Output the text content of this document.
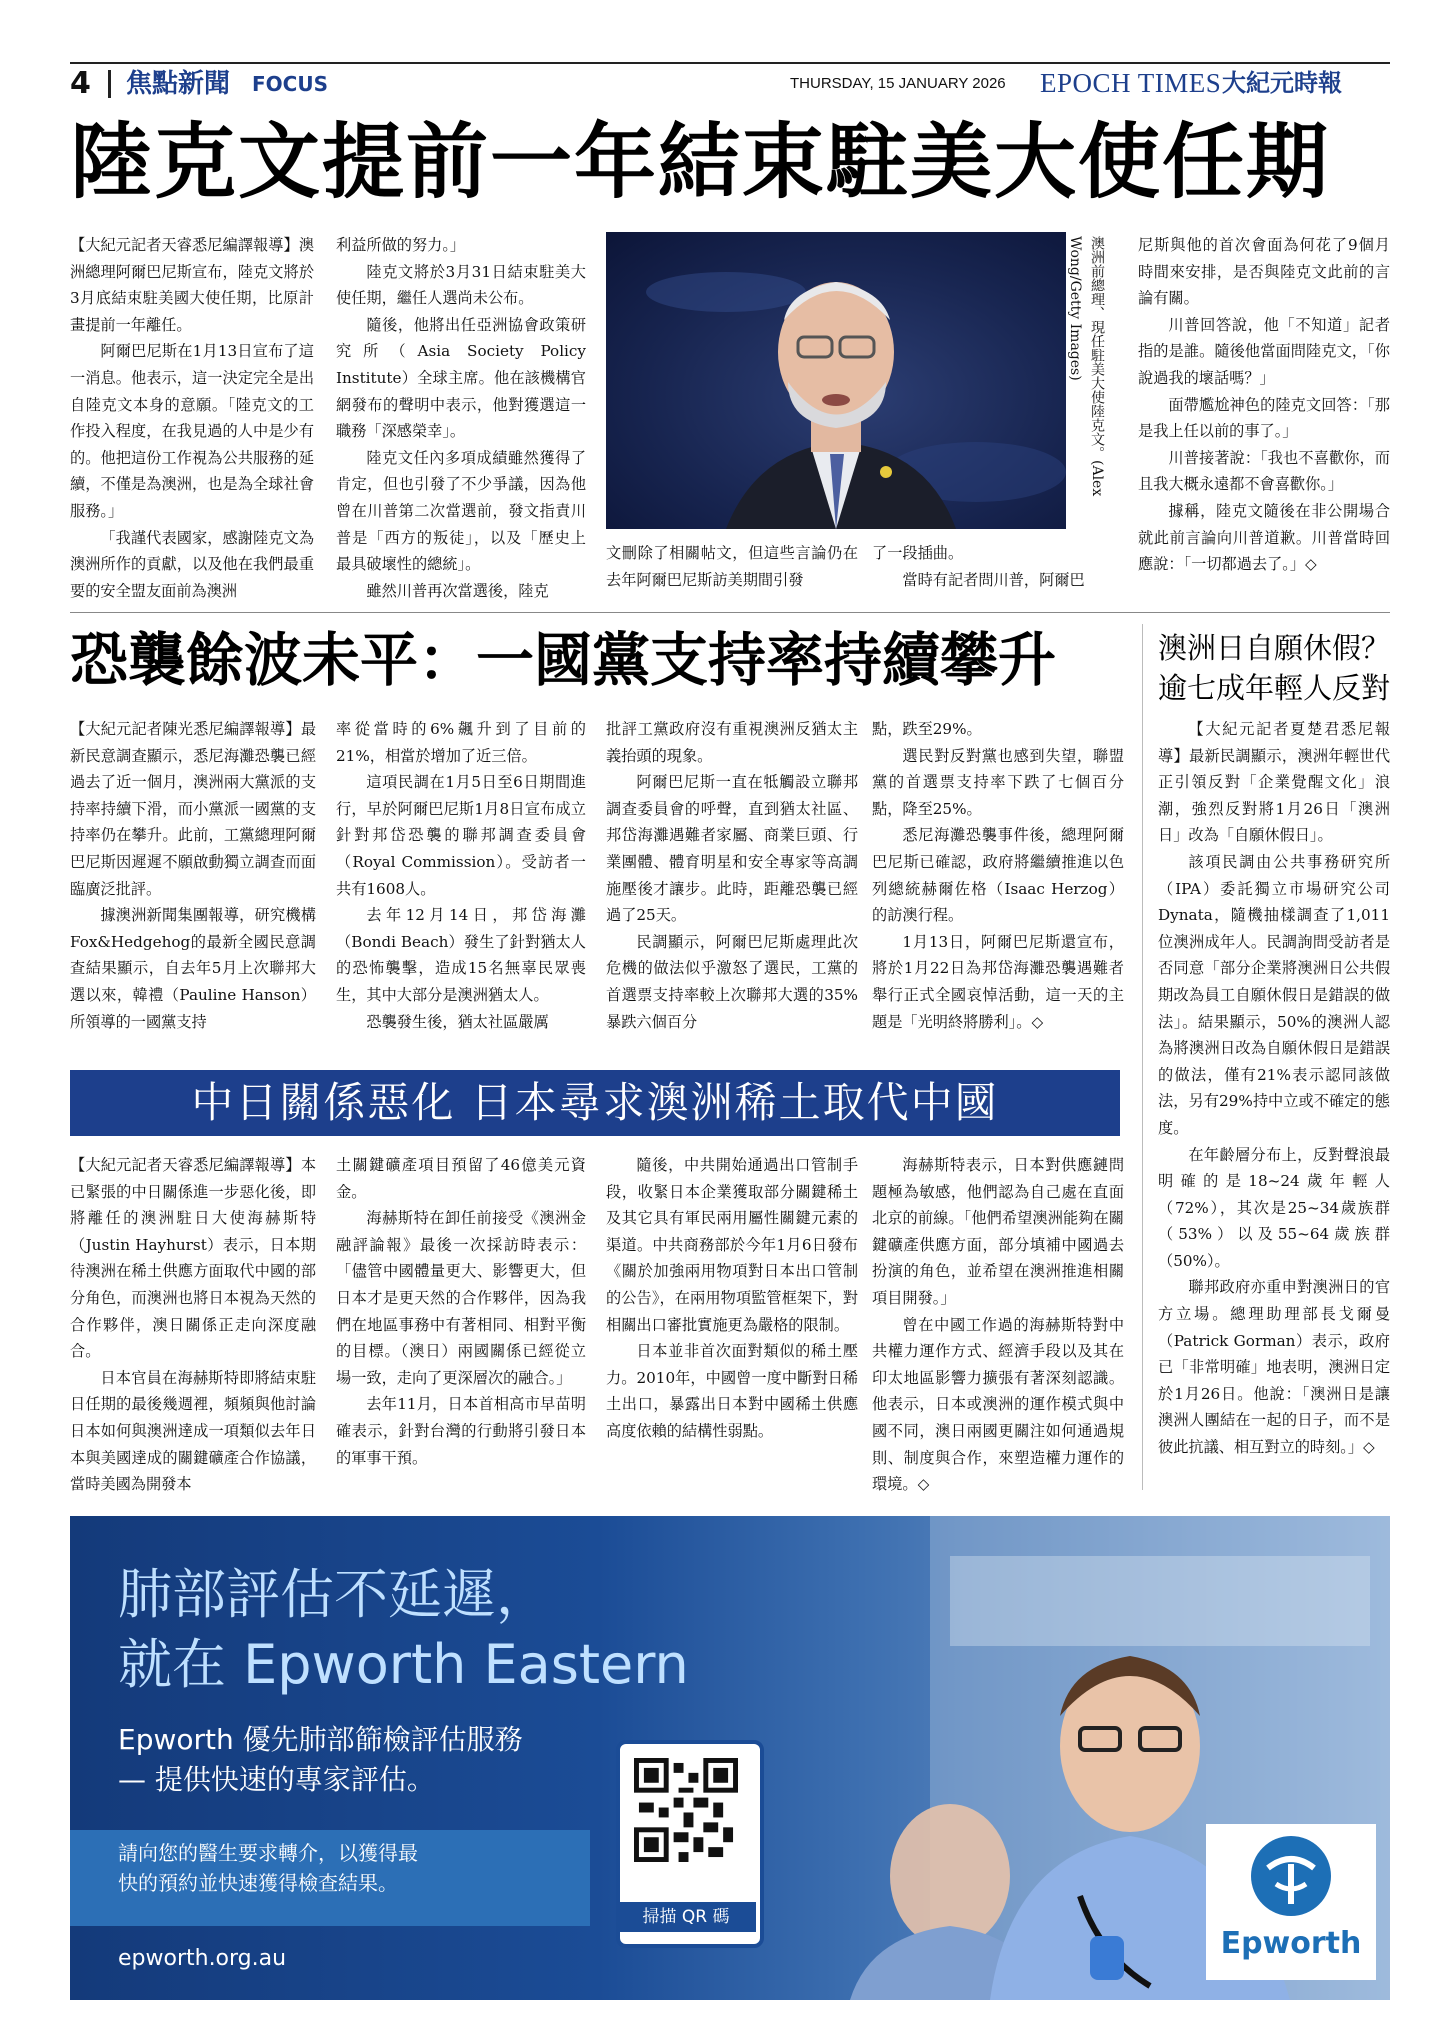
4 焦點新聞 FOCUS	THURSDAY, 15 JANUARY 2026 EPOCH TIMES 大紀元時報
陸克文提前一年結束駐美大使任期

【大紀元記者天睿悉尼編譯報導】澳洲總理阿爾巴尼斯宣布，陸克文將於3月底結束駐美國大使任期，比原計畫提前一年離任。

阿爾巴尼斯在1月13日宣布了這一消息。他表示，這一決定完全是出自陸克文本身的意願。「陸克文的工作投入程度，在我見過的人中是少有的。他把這份工作視為公共服務的延續，不僅是為澳洲，也是為全球社會服務。」

「我謹代表國家，感謝陸克文為澳洲所作的貢獻，以及他在我們最重要的安全盟友面前為澳洲

利益所做的努力。」

陸克文將於3月31日結束駐美大使任期，繼任人選尚未公布。

隨後，他將出任亞洲協會政策研究所（Asia Society Policy Institute）全球主席。他在該機構官網發布的聲明中表示，他對獲選這一職務「深感榮幸」。

陸克文任內多項成績雖然獲得了肯定，但也引發了不少爭議，因為他曾在川普第二次當選前，發文指責川普是「西方的叛徒」，以及「歷史上最具破壞性的總統」。

雖然川普再次當選後，陸克

澳洲前總理、現任駐美大使陸克文。(Alex Wong/Getty Images)

文刪除了相關帖文，但這些言論仍在去年阿爾巴尼斯訪美期間引發

了一段插曲。

當時有記者問川普，阿爾巴

尼斯與他的首次會面為何花了9個月時間來安排，是否與陸克文此前的言論有關。

川普回答說，他「不知道」記者指的是誰。隨後他當面問陸克文，「你說過我的壞話嗎？」

面帶尷尬神色的陸克文回答：「那是我上任以前的事了。」

川普接著說：「我也不喜歡你，而且我大概永遠都不會喜歡你。」

據稱，陸克文隨後在非公開場合就此前言論向川普道歉。川普當時回應說：「一切都過去了。」◇

恐襲餘波未平：一國黨支持率持續攀升

【大紀元記者陳光悉尼編譯報導】最新民意調查顯示，悉尼海灘恐襲已經過去了近一個月，澳洲兩大黨派的支持率持續下滑，而小黨派一國黨的支持率仍在攀升。此前，工黨總理阿爾巴尼斯因遲遲不願啟動獨立調查而面臨廣泛批評。

據澳洲新聞集團報導，研究機構Fox&Hedgehog的最新全國民意調查結果顯示，自去年5月上次聯邦大選以來，韓禮（Pauline Hanson）所領導的一國黨支持

率從當時的6%飆升到了目前的21%，相當於增加了近三倍。

這項民調在1月5日至6日期間進行，早於阿爾巴尼斯1月8日宣布成立針對邦岱恐襲的聯邦調查委員會（Royal Commission）。受訪者一共有1608人。

去年12月14日，邦岱海灘（Bondi Beach）發生了針對猶太人的恐怖襲擊，造成15名無辜民眾喪生，其中大部分是澳洲猶太人。

恐襲發生後，猶太社區嚴厲

批評工黨政府沒有重視澳洲反猶太主義抬頭的現象。

阿爾巴尼斯一直在牴觸設立聯邦調查委員會的呼聲，直到猶太社區、邦岱海灘遇難者家屬、商業巨頭、行業團體、體育明星和安全專家等高調施壓後才讓步。此時，距離恐襲已經過了25天。

民調顯示，阿爾巴尼斯處理此次危機的做法似乎激怒了選民，工黨的首選票支持率較上次聯邦大選的35%暴跌六個百分

點，跌至29%。

選民對反對黨也感到失望，聯盟黨的首選票支持率下跌了七個百分點，降至25%。

悉尼海灘恐襲事件後，總理阿爾巴尼斯已確認，政府將繼續推進以色列總統赫爾佐格（Isaac Herzog）的訪澳行程。

1月13日，阿爾巴尼斯還宣布，將於1月22日為邦岱海灘恐襲遇難者舉行正式全國哀悼活動，這一天的主題是「光明終將勝利」。◇

中日關係惡化 日本尋求澳洲稀土取代中國

【大紀元記者天睿悉尼編譯報導】本已緊張的中日關係進一步惡化後，即將離任的澳洲駐日大使海赫斯特（Justin Hayhurst）表示，日本期待澳洲在稀土供應方面取代中國的部分角色，而澳洲也將日本視為天然的合作夥伴，澳日關係正走向深度融合。

日本官員在海赫斯特即將結束駐日任期的最後幾週裡，頻頻與他討論日本如何與澳洲達成一項類似去年日本與美國達成的關鍵礦產合作協議，當時美國為開發本

土關鍵礦產項目預留了46億美元資金。

海赫斯特在卸任前接受《澳洲金融評論報》最後一次採訪時表示：「儘管中國體量更大、影響更大，但日本才是更天然的合作夥伴，因為我們在地區事務中有著相同、相對平衡的目標。（澳日）兩國關係已經從立場一致，走向了更深層次的融合。」

去年11月，日本首相高市早苗明確表示，針對台灣的行動將引發日本的軍事干預。

隨後，中共開始通過出口管制手段，收緊日本企業獲取部分關鍵稀土及其它具有軍民兩用屬性關鍵元素的渠道。中共商務部於今年1月6日發布《關於加強兩用物項對日本出口管制的公告》，在兩用物項監管框架下，對相關出口審批實施更為嚴格的限制。

日本並非首次面對類似的稀土壓力。2010年，中國曾一度中斷對日稀土出口，暴露出日本對中國稀土供應高度依賴的結構性弱點。

海赫斯特表示，日本對供應鏈問題極為敏感，他們認為自己處在直面北京的前線。「他們希望澳洲能夠在關鍵礦產供應方面，部分填補中國過去扮演的角色，並希望在澳洲推進相關項目開發。」

曾在中國工作過的海赫斯特對中共權力運作方式、經濟手段以及其在印太地區影響力擴張有著深刻認識。他表示，日本或澳洲的運作模式與中國不同，澳日兩國更關注如何通過規則、制度與合作，來塑造權力運作的環境。◇

澳洲日自願休假？
逾七成年輕人反對

【大紀元記者夏楚君悉尼報導】最新民調顯示，澳洲年輕世代正引領反對「企業覺醒文化」浪潮，強烈反對將1月26日「澳洲日」改為「自願休假日」。

該項民調由公共事務研究所（IPA）委託獨立市場研究公司Dynata，隨機抽樣調查了1,011位澳洲成年人。民調詢問受訪者是否同意「部分企業將澳洲日公共假期改為員工自願休假日是錯誤的做法」。結果顯示，50%的澳洲人認為將澳洲日改為自願休假日是錯誤的做法，僅有21%表示認同該做法，另有29%持中立或不確定的態度。

在年齡層分布上，反對聲浪最明確的是18~24歲年輕人（72%），其次是25~34歲族群（53%）以及55~64歲族群（50%）。

聯邦政府亦重申對澳洲日的官方立場。總理助理部長戈爾曼（Patrick Gorman）表示，政府已「非常明確」地表明，澳洲日定於1月26日。他說：「澳洲日是讓澳洲人團結在一起的日子，而不是彼此抗議、相互對立的時刻。」◇

肺部評估不延遲，
就在 Epworth Eastern
Epworth 優先肺部篩檢評估服務
— 提供快速的專家評估。
請向您的醫生要求轉介，以獲得最
快的預約並快速獲得檢查結果。
epworth.org.au
掃描 QR 碼
Epworth
